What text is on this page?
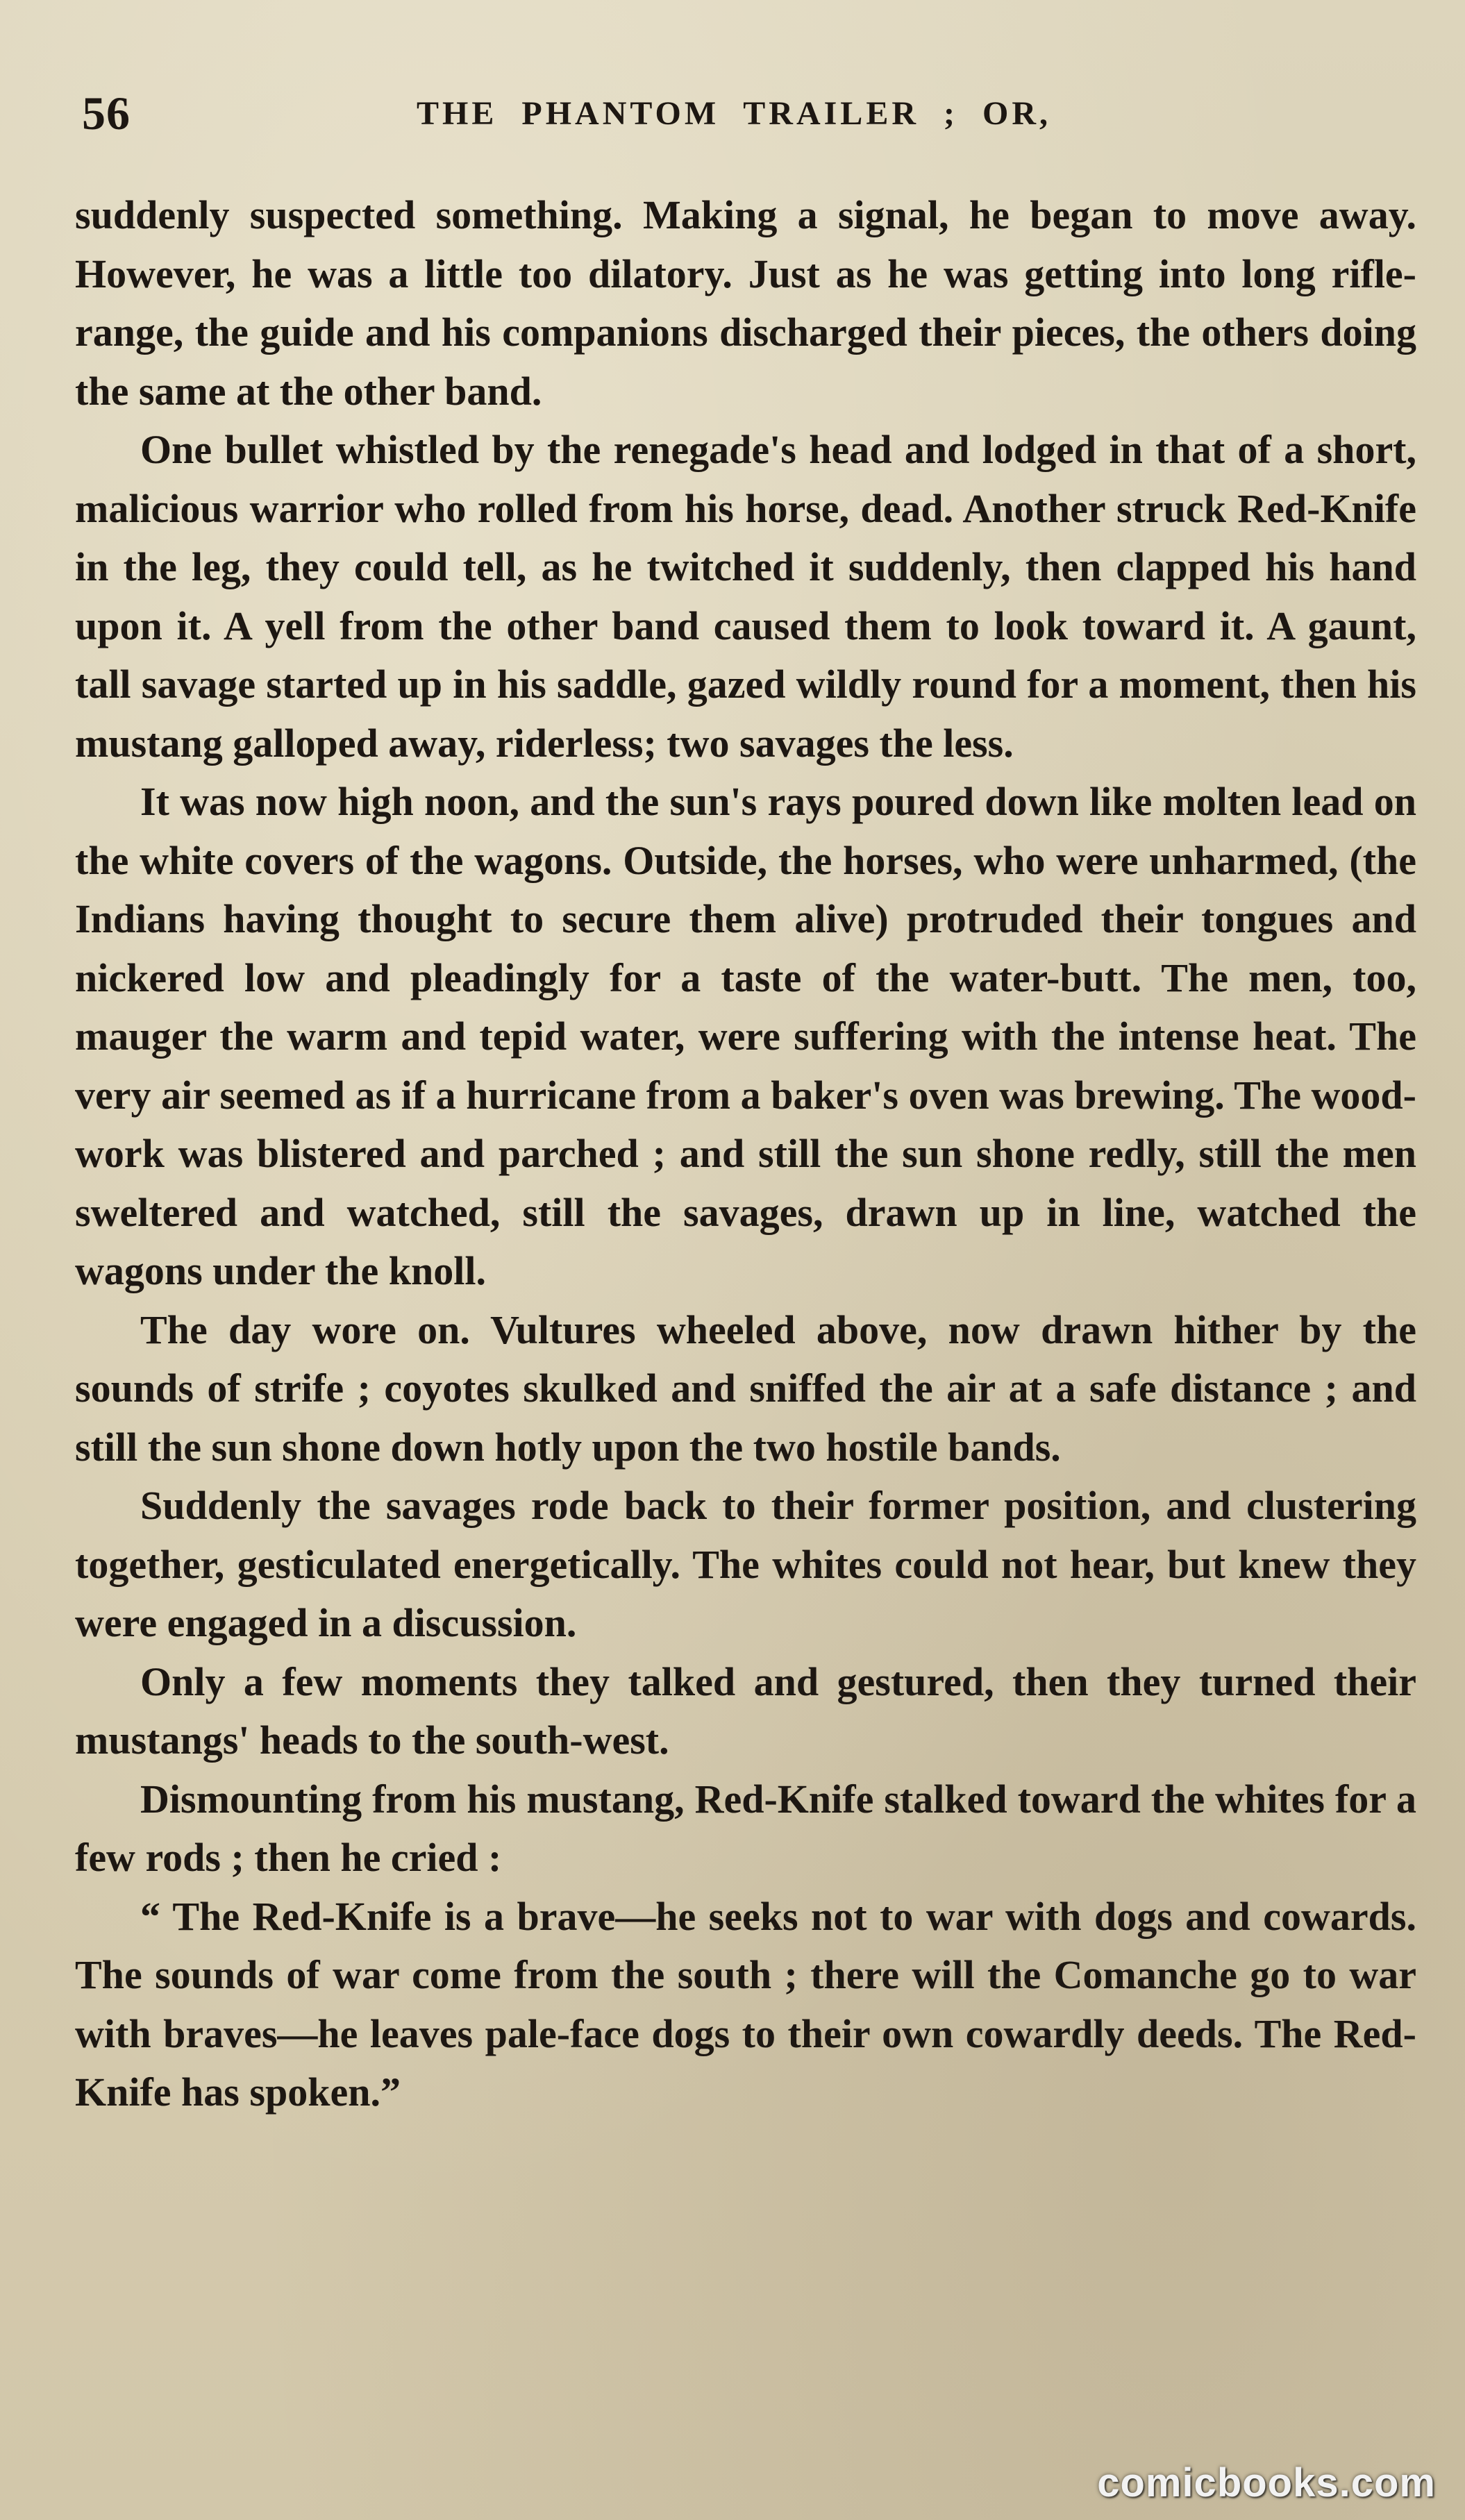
56	THE PHANTOM TRAILER ; OR,

suddenly suspected something. Making a signal, he began to move away. However, he was a little too dilatory. Just as he was getting into long rifle-range, the guide and his companions discharged their pieces, the others doing the same at the other band.

One bullet whistled by the renegade's head and lodged in that of a short, malicious warrior who rolled from his horse, dead. Another struck Red-Knife in the leg, they could tell, as he twitched it suddenly, then clapped his hand upon it. A yell from the other band caused them to look toward it. A gaunt, tall savage started up in his saddle, gazed wildly round for a moment, then his mustang galloped away, riderless; two savages the less.

It was now high noon, and the sun's rays poured down like molten lead on the white covers of the wagons. Outside, the horses, who were unharmed, (the Indians having thought to secure them alive) protruded their tongues and nickered low and pleadingly for a taste of the water-butt. The men, too, mauger the warm and tepid water, were suffering with the intense heat. The very air seemed as if a hurricane from a baker's oven was brewing. The wood-work was blistered and parched ; and still the sun shone redly, still the men sweltered and watched, still the savages, drawn up in line, watched the wagons under the knoll.

The day wore on. Vultures wheeled above, now drawn hither by the sounds of strife ; coyotes skulked and sniffed the air at a safe distance ; and still the sun shone down hotly upon the two hostile bands.

Suddenly the savages rode back to their former position, and clustering together, gesticulated energetically. The whites could not hear, but knew they were engaged in a discussion.

Only a few moments they talked and gestured, then they turned their mustangs' heads to the south-west.

Dismounting from his mustang, Red-Knife stalked toward the whites for a few rods ; then he cried :

“ The Red-Knife is a brave—he seeks not to war with dogs and cowards. The sounds of war come from the south ; there will the Comanche go to war with braves—he leaves pale-face dogs to their own cowardly deeds. The Red-Knife has spoken.”

comicbooks.com
